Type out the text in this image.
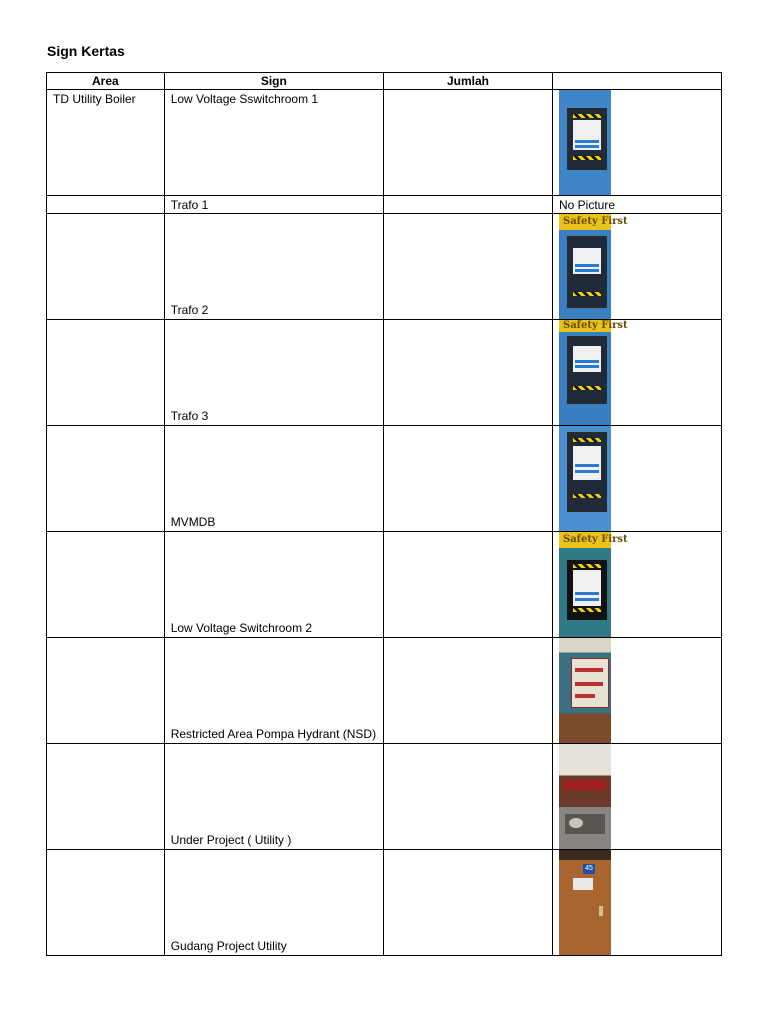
Sign Kertas
Area	Sign	Jumlah	

TD Utility Boiler	Low Voltage Sswitchroom 1		

	Trafo 1		No Picture

	Trafo 2		Safety First

	Trafo 3		Safety First

	MVMDB		

	Low Voltage Switchroom 2		Safety First

	Restricted Area Pompa Hydrant (NSD)		

	Under Project ( Utility )		

	Gudang Project Utility		45
